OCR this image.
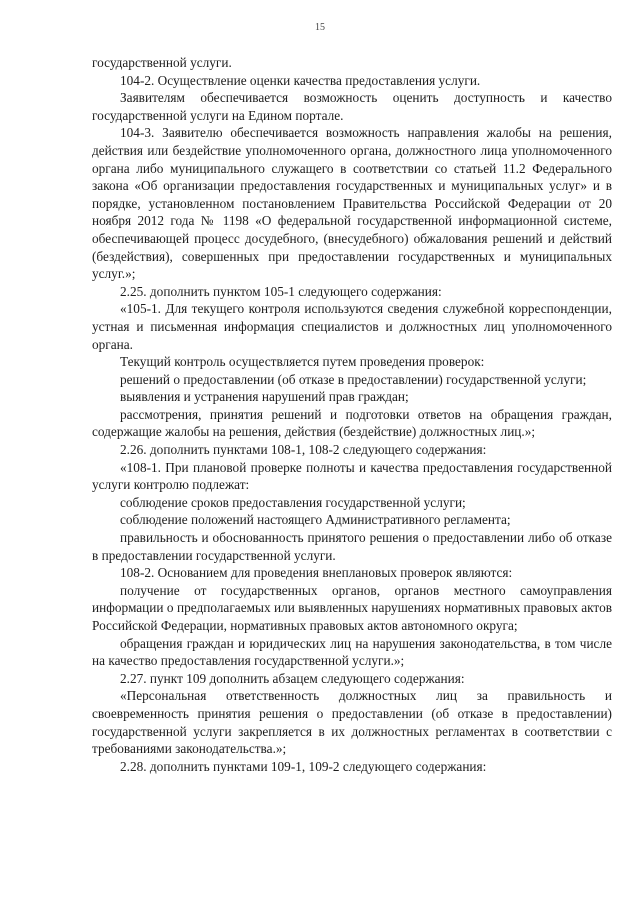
15

государственной услуги.

104-2. Осуществление оценки качества предоставления услуги.

Заявителям обеспечивается возможность оценить доступность и качество государственной услуги на Едином портале.

104-3. Заявителю обеспечивается возможность направления жалобы на решения, действия или бездействие уполномоченного органа, должностного лица уполномоченного органа либо муниципального служащего в соответствии со статьей 11.2 Федерального закона «Об организации предоставления государственных и муниципальных услуг» и в порядке, установленном постановлением Правительства Российской Федерации от 20 ноября 2012 года № 1198 «О федеральной государственной информационной системе, обеспечивающей процесс досудебного, (внесудебного) обжалования решений и действий (бездействия), совершенных при предоставлении государственных и муниципальных услуг.»;

2.25. дополнить пунктом 105-1 следующего содержания:

«105-1. Для текущего контроля используются сведения служебной корреспонденции, устная и письменная информация специалистов и должностных лиц уполномоченного органа.

Текущий контроль осуществляется путем проведения проверок:

решений о предоставлении (об отказе в предоставлении) государственной услуги;

выявления и устранения нарушений прав граждан;

рассмотрения, принятия решений и подготовки ответов на обращения граждан, содержащие жалобы на решения, действия (бездействие) должностных лиц.»;

2.26. дополнить пунктами 108-1, 108-2 следующего содержания:

«108-1. При плановой проверке полноты и качества предоставления государственной услуги контролю подлежат:

соблюдение сроков предоставления государственной услуги;

соблюдение положений настоящего Административного регламента;

правильность и обоснованность принятого решения о предоставлении либо об отказе в предоставлении государственной услуги.

108-2. Основанием для проведения внеплановых проверок являются:

получение от государственных органов, органов местного самоуправления информации о предполагаемых или выявленных нарушениях нормативных правовых актов Российской Федерации, нормативных правовых актов автономного округа;

обращения граждан и юридических лиц на нарушения законодательства, в том числе на качество предоставления государственной услуги.»;

2.27. пункт 109 дополнить абзацем следующего содержания:

«Персональная ответственность должностных лиц за правильность и своевременность принятия решения о предоставлении (об отказе в предоставлении) государственной услуги закрепляется в их должностных регламентах в соответствии с требованиями законодательства.»;

2.28. дополнить пунктами 109-1, 109-2 следующего содержания:
